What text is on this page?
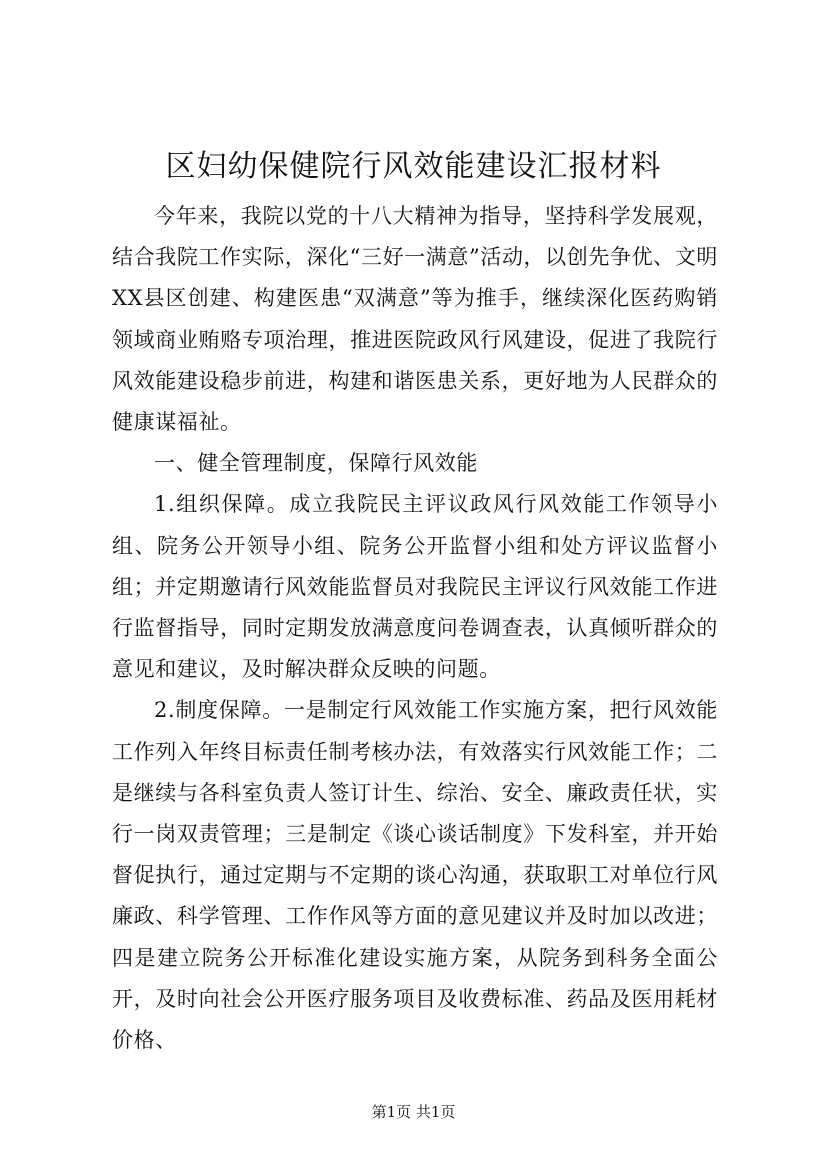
区妇幼保健院行风效能建设汇报材料

今年来，我院以党的十八大精神为指导，坚持科学发展观，结合我院工作实际，深化“三好一满意”活动，以创先争优、文明XX县区创建、构建医患“双满意”等为推手，继续深化医药购销领域商业贿赂专项治理，推进医院政风行风建设，促进了我院行风效能建设稳步前进，构建和谐医患关系，更好地为人民群众的健康谋福祉。

一、健全管理制度，保障行风效能

1.组织保障。成立我院民主评议政风行风效能工作领导小组、院务公开领导小组、院务公开监督小组和处方评议监督小组；并定期邀请行风效能监督员对我院民主评议行风效能工作进行监督指导，同时定期发放满意度问卷调查表，认真倾听群众的意见和建议，及时解决群众反映的问题。

2.制度保障。一是制定行风效能工作实施方案，把行风效能工作列入年终目标责任制考核办法，有效落实行风效能工作；二是继续与各科室负责人签订计生、综治、安全、廉政责任状，实行一岗双责管理；三是制定《谈心谈话制度》下发科室，并开始督促执行，通过定期与不定期的谈心沟通，获取职工对单位行风廉政、科学管理、工作作风等方面的意见建议并及时加以改进；四是建立院务公开标准化建设实施方案，从院务到科务全面公开，及时向社会公开医疗服务项目及收费标准、药品及医用耗材价格、

第1页 共1页
